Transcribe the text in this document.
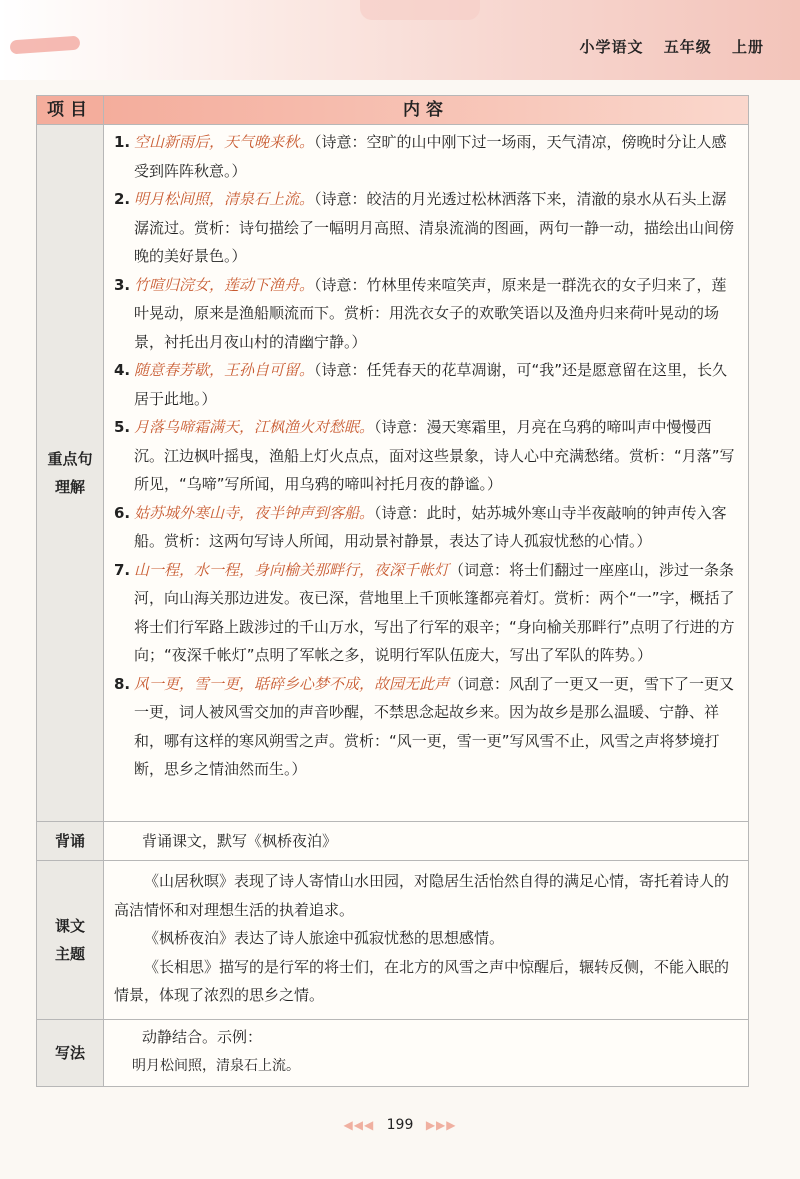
小学语文 五年级 上册
项目	内容
重点句
理解
1. 空山新雨后，天气晚来秋。（诗意：空旷的山中刚下过一场雨，天气清凉，傍晚时分让人感受到阵阵秋意。）
2. 明月松间照，清泉石上流。（诗意：皎洁的月光透过松林洒落下来，清澈的泉水从石头上潺潺流过。赏析：诗句描绘了一幅明月高照、清泉流淌的图画，两句一静一动，描绘出山间傍晚的美好景色。）
3. 竹喧归浣女，莲动下渔舟。（诗意：竹林里传来喧笑声，原来是一群洗衣的女子归来了，莲叶晃动，原来是渔船顺流而下。赏析：用洗衣女子的欢歌笑语以及渔舟归来荷叶晃动的场景，衬托出月夜山村的清幽宁静。）
4. 随意春芳歇，王孙自可留。（诗意：任凭春天的花草凋谢，可“我”还是愿意留在这里，长久居于此地。）
5. 月落乌啼霜满天，江枫渔火对愁眠。（诗意：漫天寒霜里，月亮在乌鸦的啼叫声中慢慢西沉。江边枫叶摇曳，渔船上灯火点点，面对这些景象，诗人心中充满愁绪。赏析：“月落”写所见，“乌啼”写所闻，用乌鸦的啼叫衬托月夜的静谧。）
6. 姑苏城外寒山寺，夜半钟声到客船。（诗意：此时，姑苏城外寒山寺半夜敲响的钟声传入客船。赏析：这两句写诗人所闻，用动景衬静景，表达了诗人孤寂忧愁的心情。）
7. 山一程，水一程，身向榆关那畔行，夜深千帐灯（词意：将士们翻过一座座山，涉过一条条河，向山海关那边进发。夜已深，营地里上千顶帐篷都亮着灯。赏析：两个“一”字，概括了将士们行军路上跋涉过的千山万水，写出了行军的艰辛；“身向榆关那畔行”点明了行进的方向；“夜深千帐灯”点明了军帐之多，说明行军队伍庞大，写出了军队的阵势。）
8. 风一更，雪一更，聒碎乡心梦不成，故园无此声（词意：风刮了一更又一更，雪下了一更又一更，词人被风雪交加的声音吵醒，不禁思念起故乡来。因为故乡是那么温暖、宁静、祥和，哪有这样的寒风朔雪之声。赏析：“风一更，雪一更”写风雪不止，风雪之声将梦境打断，思乡之情油然而生。）
背诵	背诵课文，默写《枫桥夜泊》
课文
主题

《山居秋暝》表现了诗人寄情山水田园，对隐居生活怡然自得的满足心情，寄托着诗人的高洁情怀和对理想生活的执着追求。

《枫桥夜泊》表达了诗人旅途中孤寂忧愁的思想感情。

《长相思》描写的是行军的将士们，在北方的风雪之声中惊醒后，辗转反侧，不能入眠的情景，体现了浓烈的思乡之情。

写法
动静结合。示例：
明月松间照，清泉石上流。
◀◀◀ 199 ▶▶▶
